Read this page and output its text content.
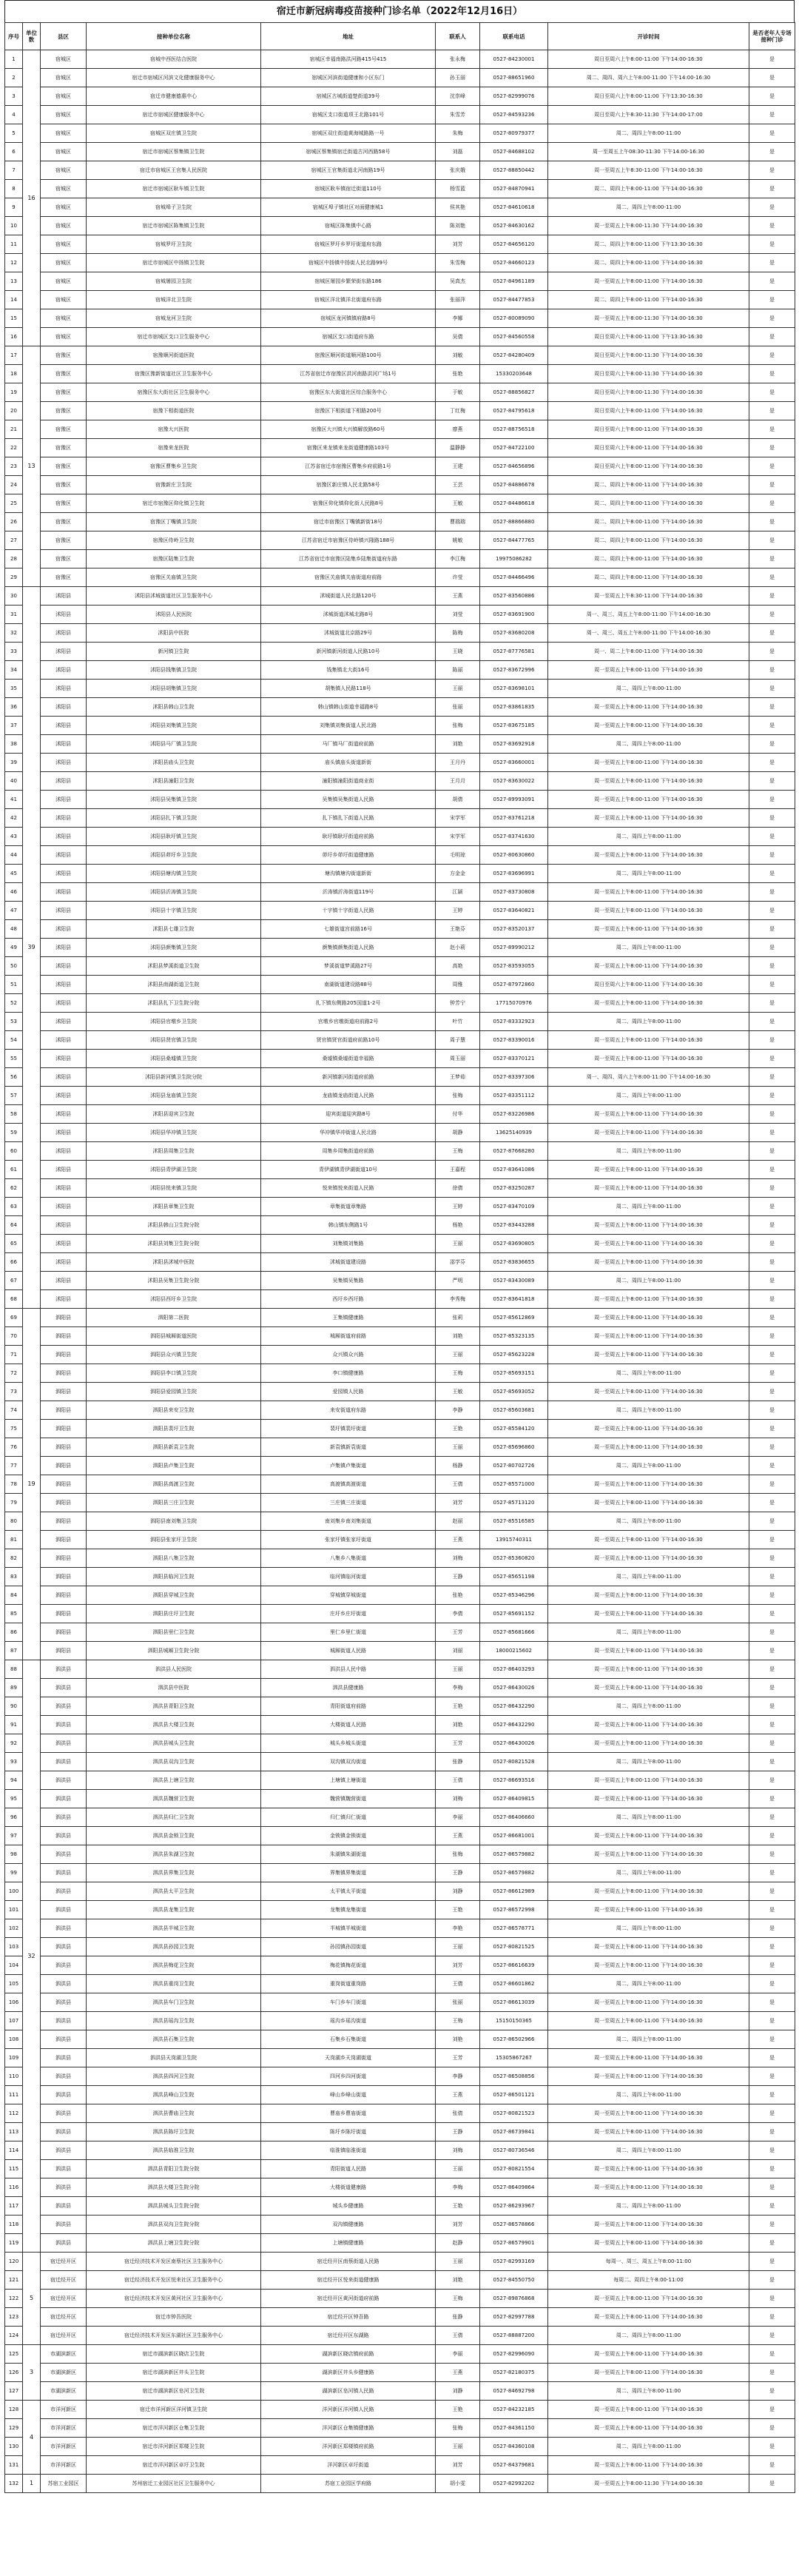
宿迁市新冠病毒疫苗接种门诊名单（2022年12月16日）
序号	单位数	县区	接种单位名称	地址	联系人	联系电话	开诊时间	是否老年人专场接种门诊
1	16	宿城区	宿城中西医结合医院	宿城区幸福南路洪河路415号415	张永梅	0527-84230001	周日至周六上午8:00-11:00 下午14:00-16:30	是
2		宿城区	宿迁市宿城区河滨文化健康服务中心	宿城区河滨街道健康和小区东门	孙玉丽	0527-88651960	周二、周四、周六上午8:00-11:00 下午14:00-16:30	是
3		宿城区	宿迁市健康德惠中心	宿城区古城街道楚街道39号	沈崇峰	0527-82999076	周日至周六上午8:00-11:00 下午13:30-16:30	是
4		宿城区	宿迁市宿城区健康服务中心	宿城区支口街道项王北路101号	朱雪芳	0527-84593236	周日至周六上午8:30-11:30 下午14:00-17:00	是
5		宿城区	宿城区双庄镇卫生院	宿城区双庄街道黄海城路路一号	朱梅	0527-80979377	周二、周四上午8:00-11:00	是
6		宿城区	宿迁市宿城区蔡集镇卫生院	宿城区蔡集镇宿迁街道古河西路58号	刘磊	0527-84688102	周一至周五上午08:30-11:30 下午14:00-16:30	是
7		宿城区	宿迁市宿城区王官集人民医院	宿城区王官集街道北河南路19号	张庆娥	0527-88850442	周一至周五上午8:30-11:00 下午14:00-16:30	是
8		宿城区	宿迁市宿城区耿车镇卫生院	宿城区耿车镇宿迁街道110号	杨雪蓝	0527-84870941	周二、周四上午8:00-11:00 下午14:00-16:30	是
9		宿城区	宿城埠子卫生院	宿城区埠子镇社区对面健康城1	侯其艳	0527-84610618	周二、周四上午8:00-11:00	是
10		宿城区	宿迁市宿城区陈集镇卫生院	宿城区陈集镇中心路	陈刘艳	0527-84630162	周一至周五上午8:00-11:30 下午14:00-16:30	是
11		宿城区	宿城罗圩卫生院	宿城区罗圩乡罗圩街道府东路	刘芳	0527-84656120	周二、周四上午8:00-11:00 下午13:30-16:30	是
12		宿城区	宿迁市宿城区中扬镇卫生院	宿城区中扬镇中扬街人民北路99号	朱雪梅	0527-84660123	周二、周四上午8:00-11:00 下午14:00-16:30	是
13		宿城区	宿城屠园卫生院	宿城区屠园乡繁荣街东路186	吴真杰	0527-84961189	周一至周五上午8:00-11:00 下午14:00-16:30	是
14		宿城区	宿城洋北卫生院	宿城区洋北镇洋北街道府东路	张丽萍	0527-84477853	周二、周四上午8:00-11:00 下午14:00-16:30	是
15		宿城区	宿城龙河卫生院	宿城区龙河镇镇府路8号	李娜	0527-80089090	周一至周五上午8:00-11:30 下午14:00-16:30	是
16		宿城区	宿迁市宿城区支口卫生服务中心	宿城区支口街道府东路	吴倩	0527-84560558	周日至周六上午8:00-11:00 下午13:30-16:30	是
17	13	宿豫区	宿豫顺河街道医院	宿豫区顺河街道顺河路100号	刘敏	0527-84280409	周日至周六上午8:00-11:30 下午14:00-16:30	是
18		宿豫区	宿豫区豫新街道社区卫生服务中心	江苏省宿迁市宿豫区洪河南路洪河广场1号	张艳	15330203648	周日至周六上午8:00-11:30 下午14:00-16:30	是
19		宿豫区	宿豫区东大街社区卫生服务中心	宿豫区东大街道社区综合服务中心	于敏	0527-88856827	周日至周六上午8:00-11:30 下午14:00-16:30	是
20		宿豫区	宿豫下相街道医院	宿豫区下相街道下相路200号	丁红梅	0527-84795618	周日至周六上午8:00-11:00 下午14:00-16:30	是
21		宿豫区	宿豫大兴医院	宿豫区大兴镇大兴镇解放路60号	廖燕	0527-88756518	周日至周六上午8:00-11:00 下午14:00-16:30	是
22		宿豫区	宿豫来龙医院	宿豫区来龙镇来龙街道健康路103号	温静静	0527-84722100	周日至周六上午8:00-11:00 下午14:00-16:30	是
23		宿豫区	宿豫区曹集乡卫生院	江苏省宿迁市宿豫区曹集乡府前路1号	王建	0527-84656896	周日至周六上午8:00-11:00 下午14:00-16:30	是
24		宿豫区	宿豫新庄卫生院	宿豫区新庄镇人民北路58号	王芸	0527-84886678	周二、周四上午8:00-11:00 下午14:00-16:30	是
25		宿豫区	宿迁市宿豫区仰化镇卫生院	宿豫区仰化镇仰化街人民路8号	王敏	0527-84486618	周二、周四上午8:00-11:00 下午14:00-16:30	是
26		宿豫区	宿豫区丁嘴镇卫生院	宿迁市宿豫区丁嘴镇新街18号	曹瑞瑞	0527-88866880	周二、周四上午8:00-11:00 下午14:00-16:30	是
27		宿豫区	宿豫区侍岭卫生院	江苏省宿迁市宿豫区侍岭镇兴隆路188号	姚敏	0527-84477765	周二、周四上午8:00-11:00 下午14:00-16:30	是
28		宿豫区	宿豫区陆集卫生院	江苏省宿迁市宿豫区陆集乡陆集街道府东路	李江梅	19975086282	周二、周四上午8:00-11:00 下午14:00-16:30	是
29		宿豫区	宿豫区关庙镇卫生院	宿豫区关庙镇关庙街道府前路	许莹	0527-84466496	周二、周四上午8:00-11:00 下午14:00-16:30	是
30	39	沭阳县	沭阳县沭城街道社区卫生服务中心	沭城街道人民北路120号	王燕	0527-83560886	周一至周五上午8:30-11:00 下午14:00-16:30	是
31		沭阳县	沭阳县人民医院	沭城街道沭城北路8号	刘莹	0527-83691900	周一、周三、周五上午8:00-11:00 下午14:00-16:30	是
32		沭阳县	沭阳县中医院	沭城街道北京路29号	陈梅	0527-83680208	周一、周三、周五上午8:00-11:00 下午14:00-16:30	是
33		沭阳县	新河镇卫生院	新河镇新河街道人民路10号	王晓	0527-87776581	周一、周二上午8:00-11:00 下午14:00-16:30	是
34		沭阳县	沭阳县钱集镇卫生院	钱集镇北大街16号	陈丽	0527-83672996	周一至周五上午8:00-11:00 下午14:00-16:30	是
35		沭阳县	沭阳县胡集镇卫生院	胡集镇人民路118号	王丽	0527-83698101	周二、周四上午8:00-11:00	是
36		沭阳县	沭阳县韩山卫生院	韩山镇韩山街道幸福路8号	张丽	0527-83861835	周一至周五上午8:00-11:00 下午14:00-16:30	是
37		沭阳县	沭阳县刘集镇卫生院	刘集镇刘集街道人民北路	张梅	0527-83675185	周一至周五上午8:00-11:00 下午14:00-16:30	是
38		沭阳县	沭阳县马厂镇卫生院	马厂镇马厂街道府前路	刘艳	0527-83692918	周二、周四上午8:00-11:00	是
39		沭阳县	沭阳县庙头卫生院	庙头镇庙头街道新街	王月丹	0527-83660001	周一至周五上午8:00-11:00 下午14:00-16:30	是
40		沭阳县	沭阳县潼阳卫生院	潼阳镇潼阳街道商业街	王月月	0527-83630022	周一至周五上午8:00-11:00 下午14:00-16:30	是
41		沭阳县	沭阳县吴集镇卫生院	吴集镇吴集街道人民路	胡倩	0527-89993091	周一至周五上午8:00-11:00 下午14:00-16:30	是
42		沭阳县	沭阳县扎下镇卫生院	扎下镇扎下街道人民路	宋学军	0527-83761218	周一至周五上午8:00-11:00 下午14:00-16:30	是
43		沭阳县	沭阳县耿圩镇卫生院	耿圩镇耿圩街道府前路	宋学军	0527-83741630	周二、周四上午8:00-11:00	是
44		沭阳县	沭阳县茆圩乡卫生院	茆圩乡茆圩街道健康路	毛明琼	0527-80630860	周一至周五上午8:00-11:00 下午14:00-16:30	是
45		沭阳县	沭阳县塘沟镇卫生院	塘沟镇塘沟街道新街	方金金	0527-83696991	周二、周四上午8:00-11:00	是
46		沭阳县	沭阳县沂涛镇卫生院	沂涛镇沂涛街道119号	江颖	0527-83730808	周一至周五上午8:00-11:00 下午14:00-16:30	是
47		沭阳县	沭阳县十字镇卫生院	十字镇十字街道人民路	王婷	0527-83640821	周一至周五上午8:00-11:00 下午14:00-16:30	是
48		沭阳县	沭阳县七雄卫生院	七雄街道宫前路16号	王艳芬	0527-83520137	周一至周五上午8:00-11:00 下午14:00-16:30	是
49		沭阳县	沭阳县颜集镇卫生院	颜集镇颜集街道人民路	赵小莉	0527-89990212	周二、周四上午8:00-11:00	是
50		沭阳县	沭阳县梦溪街道卫生院	梦溪街道梦溪路27号	高艳	0527-83593055	周一至周五上午8:00-11:00 下午14:00-16:30	是
51		沭阳县	沭阳县南湖街道卫生院	南湖街道建设路88号	周雅	0527-87972860	周日至周六上午8:00-11:00 下午14:00-16:30	是
52		沭阳县	沭阳县扎下卫生院分院	扎下镇东侧路205国道1-2号	钟芳宁	17715070976	周一至周五上午8:00-11:00 下午14:00-16:30	是
53		沭阳县	沭阳县官墩乡卫生院	官墩乡官墩街道府前路2号	叶竹	0527-83332923	周二、周四上午8:00-11:00	是
54		沭阳县	沭阳县贤官镇卫生院	贤官镇贤官街道府前路10号	周子慧	0527-83390016	周一至周五上午8:00-11:00 下午14:00-16:30	是
55		沭阳县	沭阳县桑墟镇卫生院	桑墟镇桑墟街道幸福路	周玉丽	0527-83370121	周一至周五上午8:00-11:00 下午14:00-16:30	是
56		沭阳县	沭阳县新河镇卫生院分院	新河镇新河街道府前路	王梦茹	0527-83397306	周一、周四、周六上午8:00-11:00 下午14:00-16:30	是
57		沭阳县	沭阳县龙庙镇卫生院	龙庙镇龙庙街道人民路	张梅	0527-83351112	周二、周四上午8:00-11:00	是
58		沭阳县	沭阳县迎宾卫生院	迎宾街道迎宾路8号	付华	0527-83226986	周一至周五上午8:00-11:00 下午14:00-16:30	是
59		沭阳县	沭阳县华冲镇卫生院	华冲镇华冲街道人民北路	胡静	13625140939	周一至周五上午8:00-11:00 下午14:00-16:30	是
60		沭阳县	沭阳县周集卫生院	周集乡周集街道府前路	王梅	0527-87668280	周二、周四上午8:00-11:00	是
61		沭阳县	沭阳县青伊湖卫生院	青伊湖镇青伊湖街道10号	王嘉程	0527-83641086	周一至周五上午8:00-11:00 下午14:00-16:30	是
62		沭阳县	沭阳县悦来镇卫生院	悦来镇悦来街道人民路	徐倩	0527-83250287	周一至周五上午8:00-11:00 下午14:00-16:30	是
63		沭阳县	沭阳县章集卫生院	章集街道章集路	王婷	0527-83470109	周二、周四上午8:00-11:00	是
64		沭阳县	沭阳县韩山卫生院分院	韩山镇东侧路1号	杨艳	0527-83443288	周一至周五上午8:00-11:00 下午14:00-16:30	是
65		沭阳县	沭阳县刘集卫生院分院	刘集镇刘集路	王丽	0527-83690805	周一至周五上午8:00-11:00 下午14:00-16:30	是
66		沭阳县	沭阳县沭城中医院	沭城街道建设路	邵学芬	0527-83836655	周一至周五上午8:00-11:00 下午14:00-16:30	是
67		沭阳县	沭阳县吴集卫生院分院	吴集镇吴集路	严明	0527-83430089	周二、周四上午8:00-11:00	是
68		沭阳县	沭阳县西圩乡卫生院	西圩乡西圩路	李秀梅	0527-83641818	周一至周五上午8:00-11:00 下午14:00-16:30	是
69	19	泗阳县	泗阳第二医院	王集镇健康路	张莉	0527-85612869	周一至周五上午8:00-11:00 下午14:00-16:30	是
70		泗阳县	泗阳县城厢街道医院	城厢街道府前路	刘艳	0527-85323135	周一至周五上午8:00-11:00 下午14:00-16:30	是
71		泗阳县	泗阳县众兴镇卫生院	众兴镇众兴路	王丽	0527-85623228	周一至周五上午8:00-11:00 下午14:00-16:30	是
72		泗阳县	泗阳县李口镇卫生院	李口镇健康路	王梅	0527-85693151	周二、周四上午8:00-11:00	是
73		泗阳县	泗阳县爱园镇卫生院	爱园镇人民路	王敏	0527-85693052	周一至周五上午8:00-11:00 下午14:00-16:30	是
74		泗阳县	泗阳县来安卫生院	来安街道府东路	李静	0527-85603681	周二、周四上午8:00-11:00	是
75		泗阳县	泗阳县裴圩卫生院	裴圩镇裴圩街道	王艳	0527-85584120	周一至周五上午8:00-11:00 下午14:00-16:30	是
76		泗阳县	泗阳县新袁卫生院	新袁镇新袁街道	王丽	0527-85696860	周一至周五上午8:00-11:00 下午14:00-16:30	是
77		泗阳县	泗阳县卢集卫生院	卢集镇卢集街道	杨静	0527-80702726	周二、周四上午8:00-11:00	是
78		泗阳县	泗阳县高渡卫生院	高渡镇高渡街道	王倩	0527-85571000	周一至周五上午8:00-11:00 下午14:00-16:30	是
79		泗阳县	泗阳县三庄卫生院	三庄镇三庄街道	刘芳	0527-85713120	周一至周五上午8:00-11:00 下午14:00-16:30	是
80		泗阳县	泗阳县南刘集卫生院	南刘集乡南刘集街道	赵丽	0527-85516585	周二、周四上午8:00-11:00	是
81		泗阳县	泗阳县张家圩卫生院	张家圩镇张家圩街道	王燕	13915740311	周一至周五上午8:00-11:00 下午14:00-16:30	是
82		泗阳县	泗阳县八集卫生院	八集乡八集街道	刘梅	0527-85360820	周一至周五上午8:00-11:00 下午14:00-16:30	是
83		泗阳县	泗阳县临河卫生院	临河镇临河街道	王静	0527-85651198	周二、周四上午8:00-11:00	是
84		泗阳县	泗阳县穿城卫生院	穿城镇穿城街道	张艳	0527-85346296	周一至周五上午8:00-11:00 下午14:00-16:30	是
85		泗阳县	泗阳县庄圩卫生院	庄圩乡庄圩街道	李倩	0527-85691152	周一至周五上午8:00-11:00 下午14:00-16:30	是
86		泗阳县	泗阳县里仁卫生院	里仁乡里仁街道	王芳	0527-85681666	周二、周四上午8:00-11:00	是
87		泗阳县	泗阳县城厢卫生院分院	城厢街道人民路	刘丽	18000215602	周一至周五上午8:00-11:00 下午14:00-16:30	是
88	32	泗洪县	泗洪县人民医院	泗洪县人民中路	王丽	0527-86403293	周一至周五上午8:00-11:00 下午14:00-16:30	是
89		泗洪县	泗洪县中医院	泗洪县健康路	李梅	0527-86430026	周一至周五上午8:00-11:00 下午14:00-16:30	是
90		泗洪县	泗洪县青阳卫生院	青阳街道府前路	王艳	0527-86432290	周二、周四上午8:00-11:00	是
91		泗洪县	泗洪县大楼卫生院	大楼街道人民路	刘艳	0527-86432290	周一至周五上午8:00-11:00 下午14:00-16:30	是
92		泗洪县	泗洪县城头卫生院	城头乡城头街道	王芳	0527-86430026	周一至周五上午8:00-11:00 下午14:00-16:30	是
93		泗洪县	泗洪县双沟卫生院	双沟镇双沟街道	张静	0527-80821528	周二、周四上午8:00-11:00	是
94		泗洪县	泗洪县上塘卫生院	上塘镇上塘街道	王倩	0527-86693516	周一至周五上午8:00-11:00 下午14:00-16:30	是
95		泗洪县	泗洪县魏营卫生院	魏营镇魏营街道	刘梅	0527-86409815	周一至周五上午8:00-11:00 下午14:00-16:30	是
96		泗洪县	泗洪县归仁卫生院	归仁镇归仁街道	李丽	0527-86406660	周二、周四上午8:00-11:00	是
97		泗洪县	泗洪县金锁卫生院	金锁镇金锁街道	王燕	0527-86681001	周一至周五上午8:00-11:00 下午14:00-16:30	是
98		泗洪县	泗洪县朱湖卫生院	朱湖镇朱湖街道	张梅	0527-86579882	周一至周五上午8:00-11:00 下午14:00-16:30	是
99		泗洪县	泗洪县界集卫生院	界集镇界集街道	王静	0527-86579882	周二、周四上午8:00-11:00	是
100		泗洪县	泗洪县太平卫生院	太平镇太平街道	刘静	0527-86612989	周一至周五上午8:00-11:00 下午14:00-16:30	是
101		泗洪县	泗洪县龙集卫生院	龙集镇龙集街道	王艳	0527-86572998	周一至周五上午8:00-11:00 下午14:00-16:30	是
102		泗洪县	泗洪县半城卫生院	半城镇半城街道	李艳	0527-86578771	周二、周四上午8:00-11:00	是
103		泗洪县	泗洪县孙园卫生院	孙园镇孙园街道	王丽	0527-80821525	周一至周五上午8:00-11:00 下午14:00-16:30	是
104		泗洪县	泗洪县梅花卫生院	梅花镇梅花街道	刘芳	0527-86616639	周一至周五上午8:00-11:00 下午14:00-16:30	是
105		泗洪县	泗洪县重岗卫生院	重岗街道重岗路	王倩	0527-86601862	周二、周四上午8:00-11:00	是
106		泗洪县	泗洪县车门卫生院	车门乡车门街道	张丽	0527-86613039	周一至周五上午8:00-11:00 下午14:00-16:30	是
107		泗洪县	泗洪县瑶沟卫生院	瑶沟乡瑶沟街道	王梅	15150150365	周一至周五上午8:00-11:00 下午14:00-16:30	是
108		泗洪县	泗洪县石集卫生院	石集乡石集街道	刘艳	0527-86502966	周二、周四上午8:00-11:00	是
109		泗洪县	泗洪县天岗湖卫生院	天岗湖乡天岗湖街道	王芳	15305867267	周一至周五上午8:00-11:00 下午14:00-16:30	是
110		泗洪县	泗洪县四河卫生院	四河乡四河街道	李静	0527-86508856	周一至周五上午8:00-11:00 下午14:00-16:30	是
111		泗洪县	泗洪县峰山卫生院	峰山乡峰山街道	王燕	0527-86501121	周二、周四上午8:00-11:00	是
112		泗洪县	泗洪县曹庙卫生院	曹庙乡曹庙街道	张倩	0527-80821523	周一至周五上午8:00-11:00 下午14:00-16:30	是
113		泗洪县	泗洪县陈圩卫生院	陈圩乡陈圩街道	王静	0527-86739841	周一至周五上午8:00-11:00 下午14:00-16:30	是
114		泗洪县	泗洪县临淮卫生院	临淮镇临淮街道	刘梅	0527-80736546	周二、周四上午8:00-11:00	是
115		泗洪县	泗洪县青阳卫生院分院	青阳街道人民路	王丽	0527-80821554	周一至周五上午8:00-11:00 下午14:00-16:30	是
116		泗洪县	泗洪县大楼卫生院分院	大楼街道健康路	李梅	0527-86409864	周一至周五上午8:00-11:00 下午14:00-16:30	是
117		泗洪县	泗洪县城头卫生院分院	城头乡健康路	王艳	0527-86293967	周二、周四上午8:00-11:00	是
118		泗洪县	泗洪县双沟卫生院分院	双沟镇健康路	刘芳	0527-86578866	周一至周五上午8:00-11:00 下午14:00-16:30	是
119		泗洪县	泗洪县上塘卫生院分院	上塘镇健康路	赵静	0527-86579901	周一至周五上午8:00-11:00 下午14:00-16:30	是
120	5	宿迁经开区	宿迁经济技术开发区南蔡社区卫生服务中心	宿迁经开区南蔡街道人民路	王丽	0527-82993169	每周一、周三、周五上午8:00-11:00	是
121		宿迁经开区	宿迁经济技术开发区悦来社区卫生服务中心	宿迁经开区悦来街道健康路	刘艳	0527-84550750	每周二、周四上午8:00-11:00	是
122		宿迁经开区	宿迁经济技术开发区黄河社区卫生服务中心	宿迁经开区黄河街道府前路	王梅	0527-89876868	周一至周五上午8:00-11:00 下午14:00-16:30	是
123		宿迁经开区	宿迁市钟吾医院	宿迁经开区钟吾路	张静	0527-82997788	周一至周五上午8:00-11:00 下午14:00-16:30	是
124		宿迁经开区	宿迁经济技术开发区东湖社区卫生服务中心	宿迁经开区东湖路	王倩	0527-88887200	周二、周四上午8:00-11:00	是
125	3	市湖滨新区	宿迁市湖滨新区晓店卫生院	湖滨新区晓店镇府前路	李丽	0527-82996090	周一至周五上午8:00-11:00 下午14:00-16:30	是
126		市湖滨新区	宿迁市湖滨新区井头卫生院	湖滨新区井头乡健康路	王燕	0527-82180375	周一至周五上午8:00-11:00 下午14:00-16:30	是
127		市湖滨新区	宿迁市湖滨新区皂河卫生院	湖滨新区皂河镇人民路	刘静	0527-84692798	周二、周四上午8:00-11:00	是
128	4	市洋河新区	宿迁市洋河新区洋河镇卫生院	洋河新区洋河镇人民路	王艳	0527-84232185	周一至周五上午8:00-11:00 下午14:00-16:30	是
129		市洋河新区	宿迁市洋河新区仓集卫生院	洋河新区仓集镇健康路	张梅	0527-84361150	周一至周五上午8:00-11:00 下午14:00-16:30	是
130		市洋河新区	宿迁市洋河新区郑楼卫生院	洋河新区郑楼镇府前路	王丽	0527-84360108	周二、周四上午8:00-11:00	是
131		市洋河新区	宿迁市洋河新区卓圩卫生院	洋河新区卓圩街道	刘芳	0527-84379681	周一至周五上午8:00-11:00 下午14:00-16:30	是
132	1	苏宿工业园区	苏州宿迁工业园区社区卫生服务中心	苏宿工业园区学府路	胡小雯	0527-82992202	周一至周五上午8:00-11:30 下午14:00-16:30	是
